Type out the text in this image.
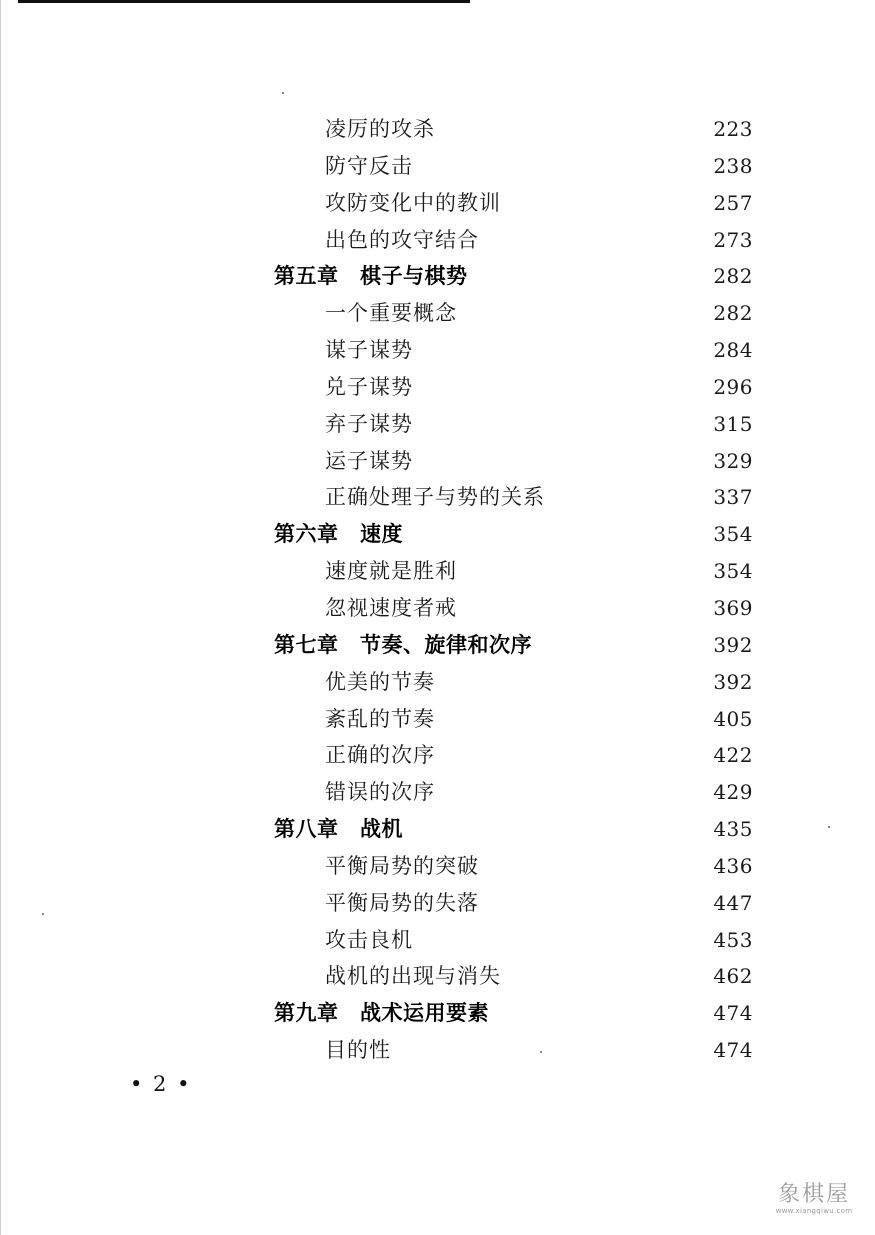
凌厉的攻杀	223
防守反击	238
攻防变化中的教训	257
出色的攻守结合	273
第五章　棋子与棋势	282
一个重要概念	282
谋子谋势	284
兑子谋势	296
弃子谋势	315
运子谋势	329
正确处理子与势的关系	337
第六章　速度	354
速度就是胜利	354
忽视速度者戒	369
第七章　节奏、旋律和次序	392
优美的节奏	392
紊乱的节奏	405
正确的次序	422
错误的次序	429
第八章　战机	435
平衡局势的突破	436
平衡局势的失落	447
攻击良机	453
战机的出现与消失	462
第九章　战术运用要素	474
目的性	474
• 2 •
象棋屋
www.xiangqiwu.com
